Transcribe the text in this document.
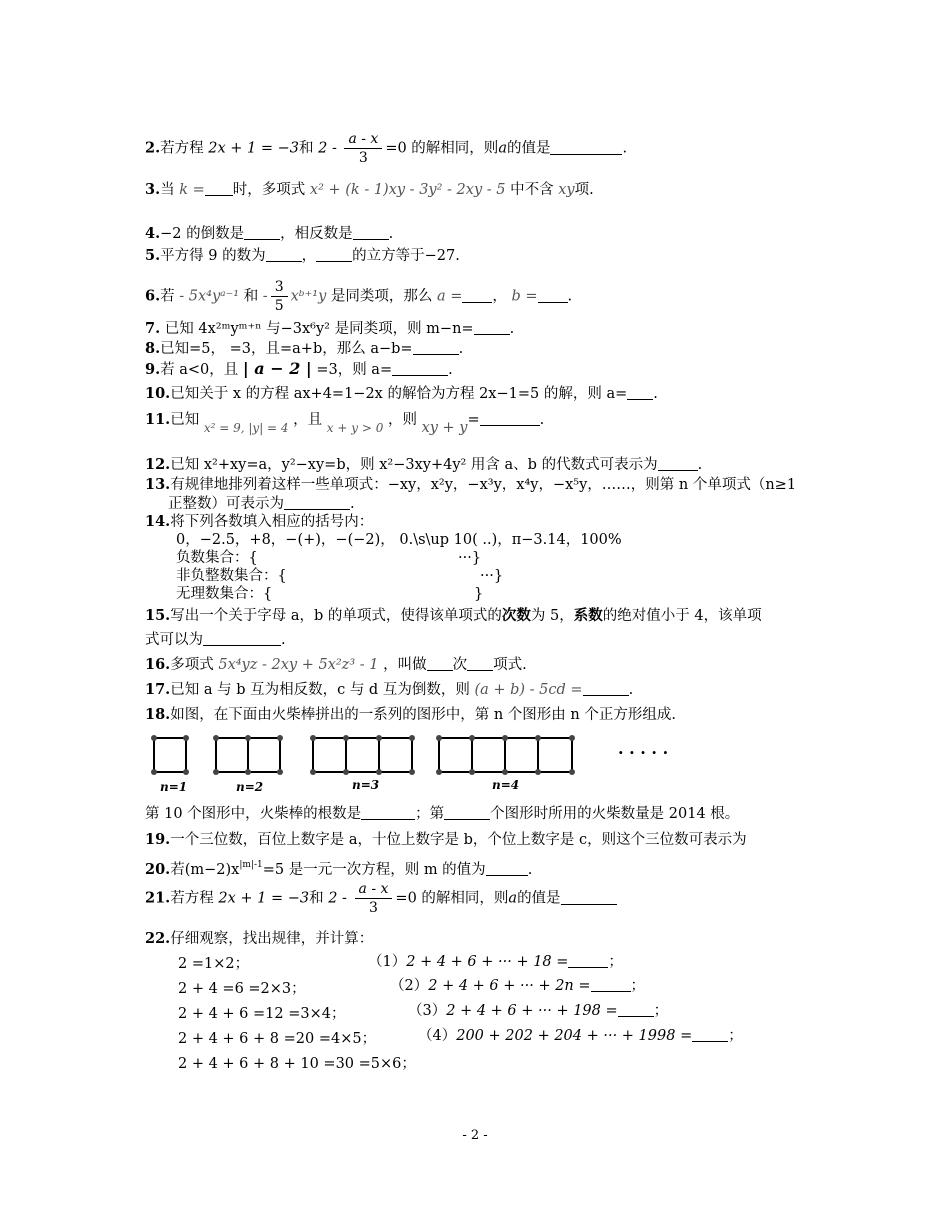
2.若方程 2x + 1 = −3和 $2 - \frac{a - x}{3} =0$ 的解相同，则a的值是	.
3.当 k = 时，多项式 x² + (k - 1)xy - 3y² - 2xy - 5 中不含 xy项.
4.−2 的倒数是 ，相反数是 .
5.平方得 9 的数为 ， 的立方等于−27.
6.若 - 5x⁴yᵃ⁻¹ 和 - $\frac{3}{5}$ xᵇ⁺¹y 是同类项，那么 a = ， b = .
7. 已知 4x²ᵐyᵐ⁺ⁿ 与−3x⁶y² 是同类项，则 m−n= .
8.已知=5， =3，且=a+b，那么 a−b=	.
9.若 a<0，且 | a − 2 | =3，则 a=	.
10.已知关于 x 的方程 ax+4=1−2x 的解恰为方程 2x−1=5 的解，则 a= .
11.已知 $_{x^2 = 9, |y| = 4}$ ，且 $_{x + y > 0}$ ，则 xy + y=	.
12.已知 x²+xy=a，y²−xy=b，则 x²−3xy+4y² 用含 a、b 的代数式可表示为	.
13.有规律地排列着这样一些单项式：−xy，x²y，−x³y，x⁴y，−x⁵y，……，则第 n 个单项式（n≥1
正整数）可表示为	.
14.将下列各数填入相应的括号内：
0，−2.5，+8，−(+)，−(−2)， 0.\s\up 10( ..)，π−3.14，100%
负数集合：{	···}
非负整数集合：{	···}
无理数集合：{	}
15.写出一个关于字母 a，b 的单项式，使得该单项式的次数为 5，系数的绝对值小于 4，该单项
式可以为	.
16.多项式 5x⁴yz - 2xy + 5x²z³ - 1 ，叫做 次 项式.
17.已知 a 与 b 互为相反数，c 与 d 互为倒数，则 (a + b) - 5cd =	.
18.如图，在下面由火柴棒拼出的一系列的图形中，第 n 个图形由 n 个正方形组成.
n=1	n=2	n=3	n=4
· · · · ·
第 10 个图形中，火柴棒的根数是	；第	个图形时所用的火柴数量是 2014 根。
19.一个三位数，百位上数字是 a，十位上数字是 b，个位上数字是 c，则这个三位数可表示为
20.若$(m-2)x^{|m|-1}=5$ 是一元一次方程，则 m 的值为	.
21.若方程 2x + 1 = −3和 $2 - \frac{a - x}{3} =0$ 的解相同，则a的值是
22.仔细观察，找出规律，并计算：
2 =1×2；
2 + 4 =6 =2×3；
2 + 4 + 6 =12 =3×4；
2 + 4 + 6 + 8 =20 =4×5；
2 + 4 + 6 + 8 + 10 =30 =5×6；
（1）2 + 4 + 6 + ··· + 18 =	；
（2）2 + 4 + 6 + ··· + 2n =	；
（3）2 + 4 + 6 + ··· + 198 = ；
（4）200 + 202 + 204 + ··· + 1998 = ；
- 2 -
